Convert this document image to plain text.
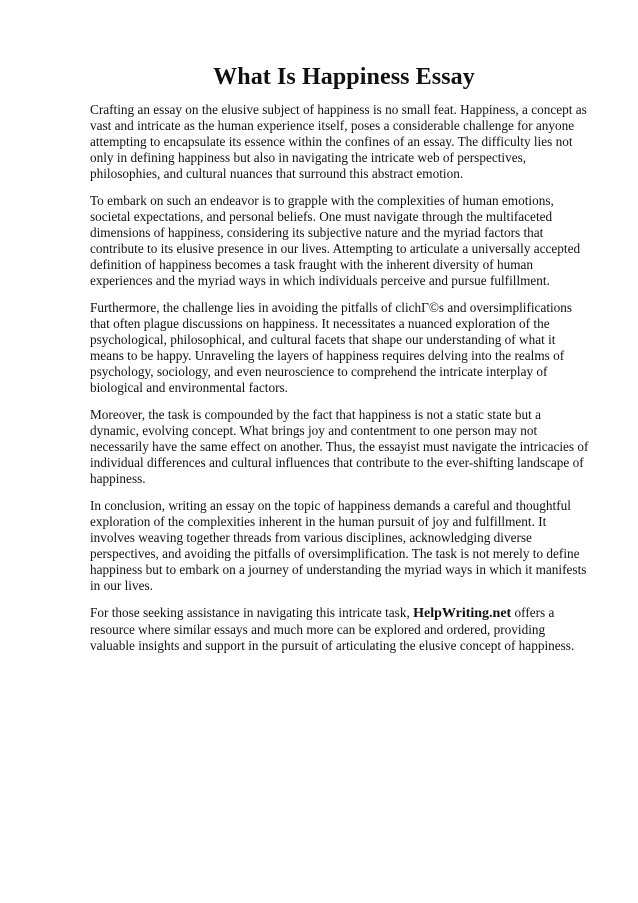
What Is Happiness Essay

Crafting an essay on the elusive subject of happiness is no small feat. Happiness, a concept as vast and intricate as the human experience itself, poses a considerable challenge for anyone attempting to encapsulate its essence within the confines of an essay. The difficulty lies not only in defining happiness but also in navigating the intricate web of perspectives, philosophies, and cultural nuances that surround this abstract emotion.

To embark on such an endeavor is to grapple with the complexities of human emotions, societal expectations, and personal beliefs. One must navigate through the multifaceted dimensions of happiness, considering its subjective nature and the myriad factors that contribute to its elusive presence in our lives. Attempting to articulate a universally accepted definition of happiness becomes a task fraught with the inherent diversity of human experiences and the myriad ways in which individuals perceive and pursue fulfillment.

Furthermore, the challenge lies in avoiding the pitfalls of clichГ©s and oversimplifications that often plague discussions on happiness. It necessitates a nuanced exploration of the psychological, philosophical, and cultural facets that shape our understanding of what it means to be happy. Unraveling the layers of happiness requires delving into the realms of psychology, sociology, and even neuroscience to comprehend the intricate interplay of biological and environmental factors.

Moreover, the task is compounded by the fact that happiness is not a static state but a dynamic, evolving concept. What brings joy and contentment to one person may not necessarily have the same effect on another. Thus, the essayist must navigate the intricacies of individual differences and cultural influences that contribute to the ever-shifting landscape of happiness.

In conclusion, writing an essay on the topic of happiness demands a careful and thoughtful exploration of the complexities inherent in the human pursuit of joy and fulfillment. It involves weaving together threads from various disciplines, acknowledging diverse perspectives, and avoiding the pitfalls of oversimplification. The task is not merely to define happiness but to embark on a journey of understanding the myriad ways in which it manifests in our lives.

For those seeking assistance in navigating this intricate task, HelpWriting.net offers a resource where similar essays and much more can be explored and ordered, providing valuable insights and support in the pursuit of articulating the elusive concept of happiness.
